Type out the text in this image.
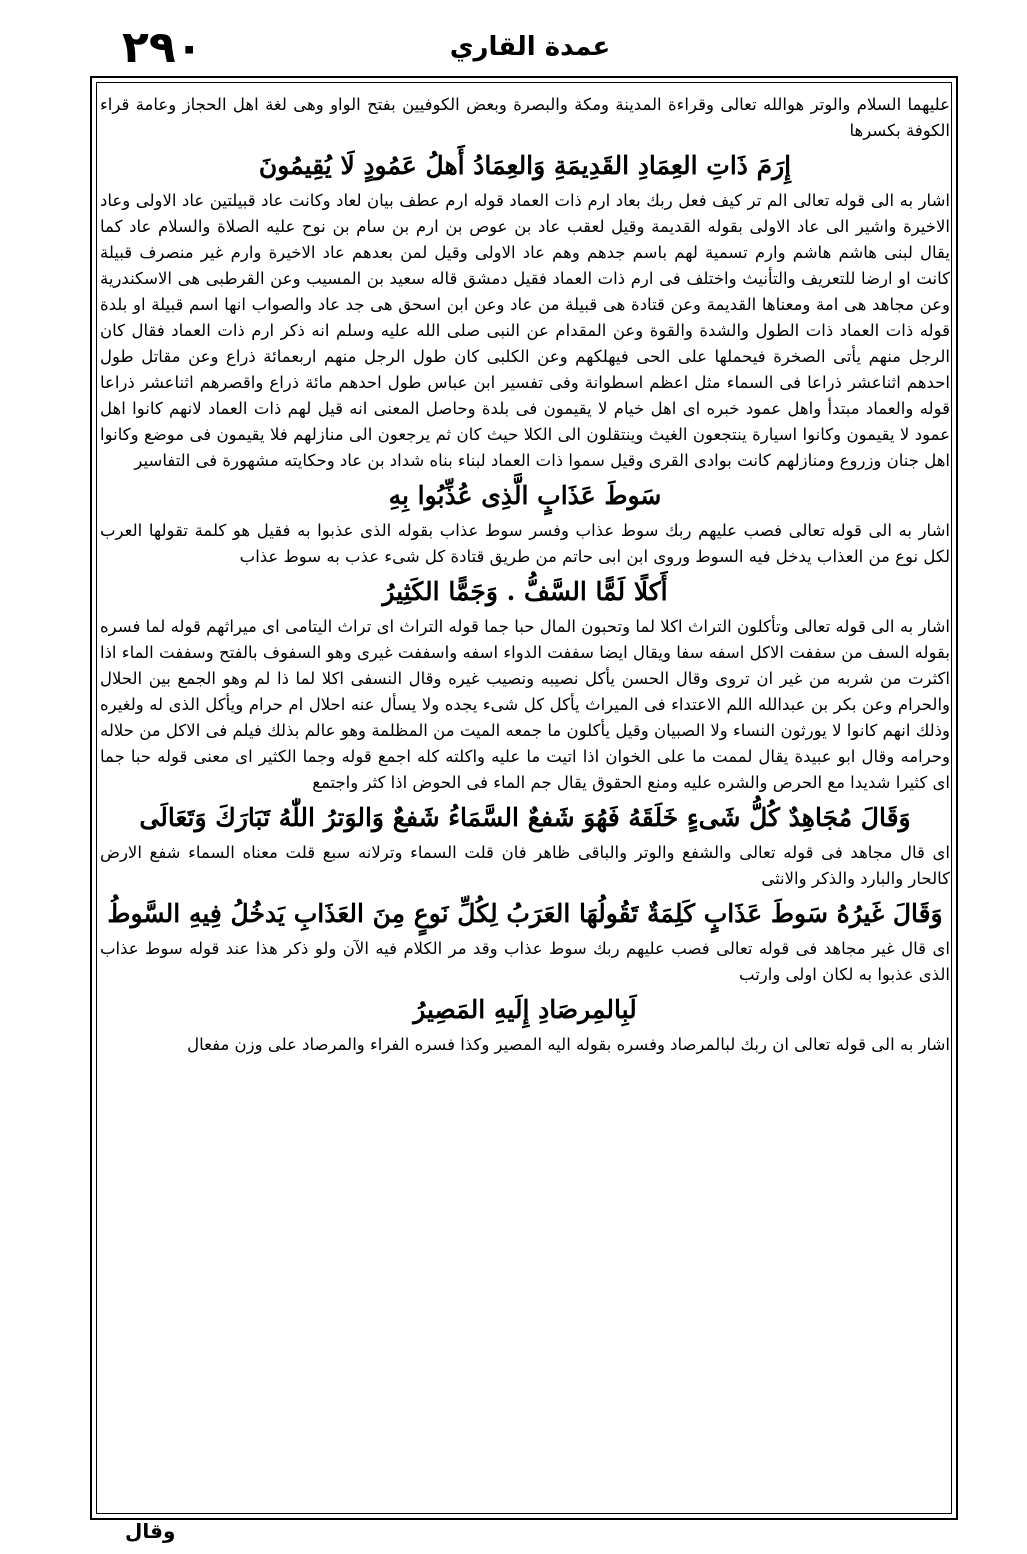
٢٩٠	عمدة القاري

عليهما السلام والوتر هوالله تعالى وقراءة المدينة ومكة والبصرة وبعض الكوفيين بفتح الواو وهى لغة اهل الحجاز وعامة قراء الكوفة بكسرها

إِرَمَ ذَاتِ العِمَادِ القَدِيمَةِ وَالعِمَادُ أَهلُ عَمُودٍ لَا يُقِيمُونَ

اشار به الى قوله تعالى الم تر كيف فعل ربك بعاد ارم ذات العماد قوله ارم عطف بيان لعاد وكانت عاد قبيلتين عاد الاولى وعاد الاخيرة واشير الى عاد الاولى بقوله القديمة وقيل لعقب عاد بن عوص بن ارم بن سام بن نوح عليه الصلاة والسلام عاد كما يقال لبنى هاشم هاشم وارم تسمية لهم باسم جدهم وهم عاد الاولى وقيل لمن بعدهم عاد الاخيرة وارم غير منصرف قبيلة كانت او ارضا للتعريف والتأنيث واختلف فى ارم ذات العماد فقيل دمشق قاله سعيد بن المسيب وعن القرطبى هى الاسكندرية وعن مجاهد هى امة ومعناها القديمة وعن قتادة هى قبيلة من عاد وعن ابن اسحق هى جد عاد والصواب انها اسم قبيلة او بلدة قوله ذات العماد ذات الطول والشدة والقوة وعن المقدام عن النبى صلى الله عليه وسلم انه ذكر ارم ذات العماد فقال كان الرجل منهم يأتى الصخرة فيحملها على الحى فيهلكهم وعن الكلبى كان طول الرجل منهم اربعمائة ذراع وعن مقاتل طول احدهم اثناعشر ذراعا فى السماء مثل اعظم اسطوانة وفى تفسير ابن عباس طول احدهم مائة ذراع واقصرهم اثناعشر ذراعا قوله والعماد مبتدأ واهل عمود خبره اى اهل خيام لا يقيمون فى بلدة وحاصل المعنى انه قيل لهم ذات العماد لانهم كانوا اهل عمود لا يقيمون وكانوا اسيارة ينتجعون الغيث وينتقلون الى الكلا حيث كان ثم يرجعون الى منازلهم فلا يقيمون فى موضع وكانوا اهل جنان وزروع ومنازلهم كانت بوادى القرى وقيل سموا ذات العماد لبناء بناه شداد بن عاد وحكايته مشهورة فى التفاسير

سَوطَ عَذَابٍ الَّذِى عُذِّبُوا بِهِ

اشار به الى قوله تعالى فصب عليهم ربك سوط عذاب وفسر سوط عذاب بقوله الذى عذبوا به فقيل هو كلمة تقولها العرب لكل نوع من العذاب يدخل فيه السوط وروى ابن ابى حاتم من طريق قتادة كل شىء عذب به سوط عذاب

أَكلًا لَمًّا السَّفُّ . وَجَمًّا الكَثِيرُ

اشار به الى قوله تعالى وتأكلون التراث اكلا لما وتحبون المال حبا جما قوله التراث اى تراث اليتامى اى ميراثهم قوله لما فسره بقوله السف من سففت الاكل اسفه سفا ويقال ايضا سففت الدواء اسفه واسففت غيرى وهو السفوف بالفتح وسففت الماء اذا اكثرت من شربه من غير ان تروى وقال الحسن يأكل نصيبه ونصيب غيره وقال النسفى اكلا لما ذا لم وهو الجمع بين الحلال والحرام وعن بكر بن عبدالله اللم الاعتداء فى الميراث يأكل كل شىء يجده ولا يسأل عنه احلال ام حرام ويأكل الذى له ولغيره وذلك انهم كانوا لا يورثون النساء ولا الصبيان وقيل يأكلون ما جمعه الميت من المظلمة وهو عالم بذلك فيلم فى الاكل من حلاله وحرامه وقال ابو عبيدة يقال لممت ما على الخوان اذا اتيت ما عليه واكلته كله اجمع قوله وجما الكثير اى معنى قوله حبا جما اى كثيرا شديدا مع الحرص والشره عليه ومنع الحقوق يقال جم الماء فى الحوض اذا كثر واجتمع

وَقَالَ مُجَاهِدٌ كُلُّ شَىءٍ خَلَقَهُ فَهُوَ شَفعٌ السَّمَاءُ شَفعٌ وَالوَترُ اللّٰهُ تَبَارَكَ وَتَعَالَى

اى قال مجاهد فى قوله تعالى والشفع والوتر والباقى ظاهر فان قلت السماء وترلانه سبع قلت معناه السماء شفع الارض كالحار والبارد والذكر والانثى

وَقَالَ غَيرُهُ سَوطَ عَذَابٍ كَلِمَةٌ تَقُولُهَا العَرَبُ لِكُلِّ نَوعٍ مِنَ العَذَابِ يَدخُلُ فِيهِ السَّوطُ

اى قال غير مجاهد فى قوله تعالى فصب عليهم ربك سوط عذاب وقد مر الكلام فيه الآن ولو ذكر هذا عند قوله سوط عذاب الذى عذبوا به لكان اولى وارتب

لَبِالمِرصَادِ إِلَيهِ المَصِيرُ

اشار به الى قوله تعالى ان ربك لبالمرصاد وفسره بقوله اليه المصير وكذا فسره الفراء والمرصاد على وزن مفعال

وقال
